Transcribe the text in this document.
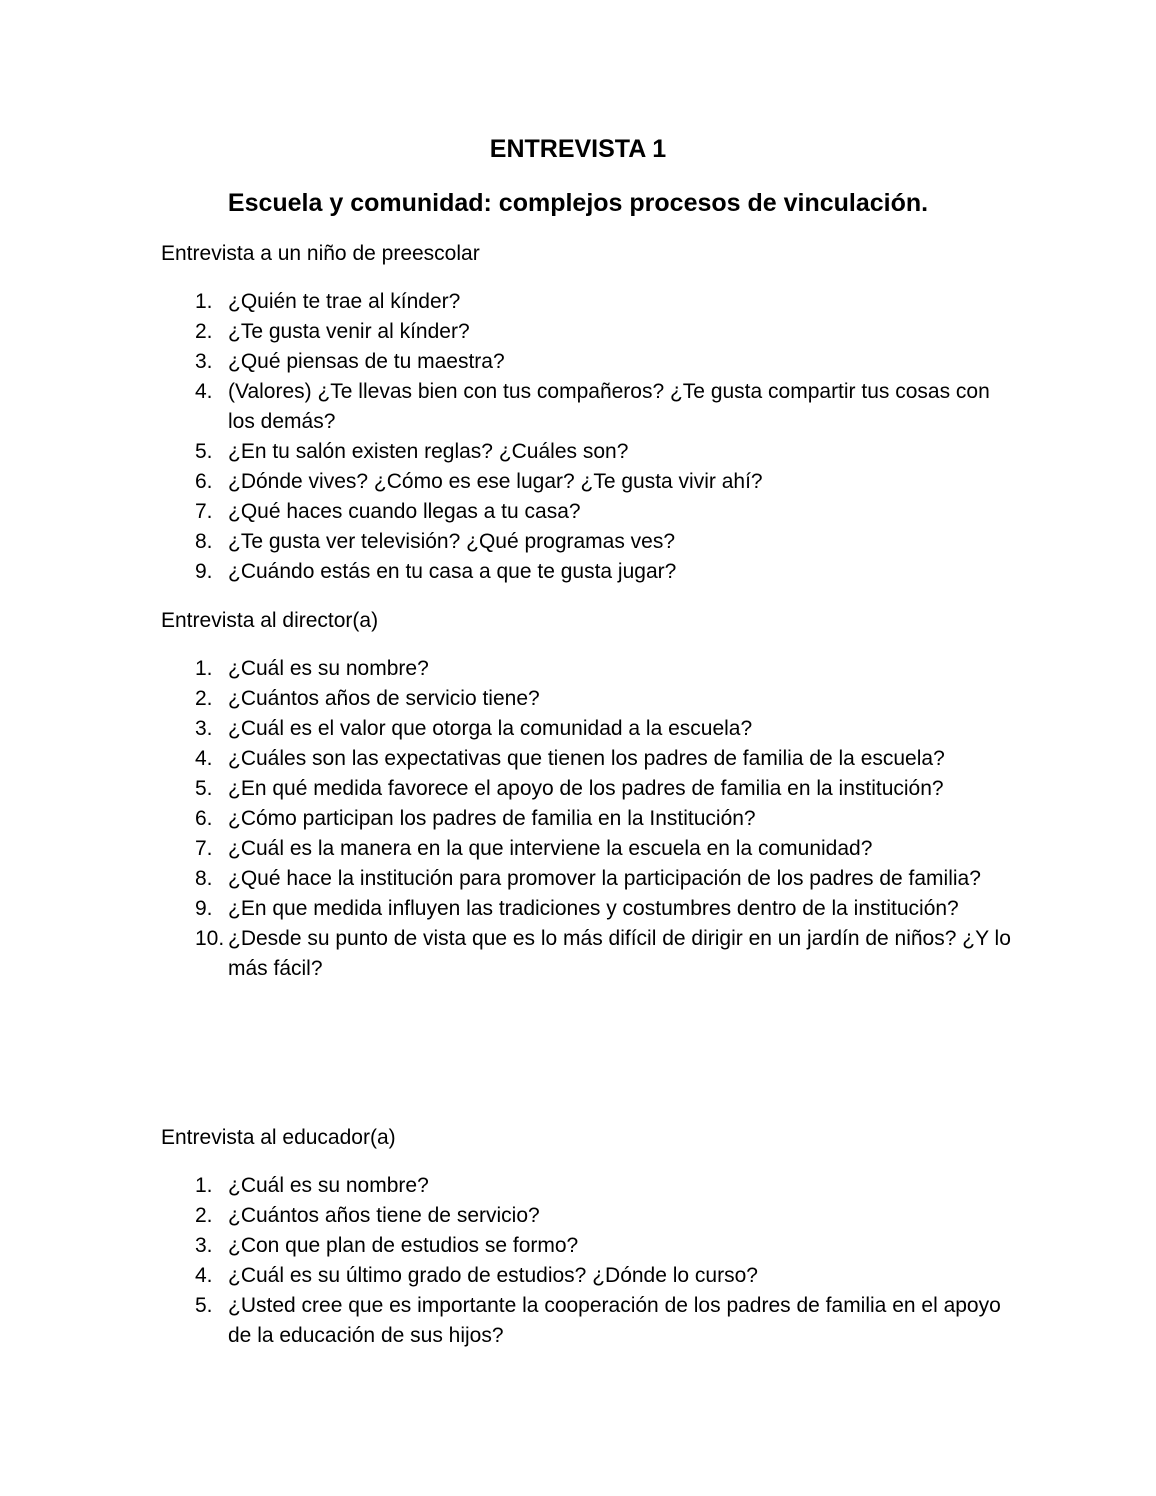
ENTREVISTA 1
Escuela y comunidad: complejos procesos de vinculación.

Entrevista a un niño de preescolar

1. ¿Quién te trae al kínder?
2. ¿Te gusta venir al kínder?
3. ¿Qué piensas de tu maestra?
4. (Valores) ¿Te llevas bien con tus compañeros? ¿Te gusta compartir tus cosas con los demás?
5. ¿En tu salón existen reglas? ¿Cuáles son?
6. ¿Dónde vives? ¿Cómo es ese lugar? ¿Te gusta vivir ahí?
7. ¿Qué haces cuando llegas a tu casa?
8. ¿Te gusta ver televisión? ¿Qué programas ves?
9. ¿Cuándo estás en tu casa a que te gusta jugar?

Entrevista al director(a)

1. ¿Cuál es su nombre?
2. ¿Cuántos años de servicio tiene?
3. ¿Cuál es el valor que otorga la comunidad a la escuela?
4. ¿Cuáles son las expectativas que tienen los padres de familia de la escuela?
5. ¿En qué medida favorece el apoyo de los padres de familia en la institución?
6. ¿Cómo participan los padres de familia en la Institución?
7. ¿Cuál es la manera en la que interviene la escuela en la comunidad?
8. ¿Qué hace la institución para promover la participación de los padres de familia?
9. ¿En que medida influyen las tradiciones y costumbres dentro de la institución?
10. ¿Desde su punto de vista que es lo más difícil de dirigir en un jardín de niños? ¿Y lo más fácil?

Entrevista al educador(a)

1. ¿Cuál es su nombre?
2. ¿Cuántos años tiene de servicio?
3. ¿Con que plan de estudios se formo?
4. ¿Cuál es su último grado de estudios? ¿Dónde lo curso?
5. ¿Usted cree que es importante la cooperación de los padres de familia en el apoyo de la educación de sus hijos?
